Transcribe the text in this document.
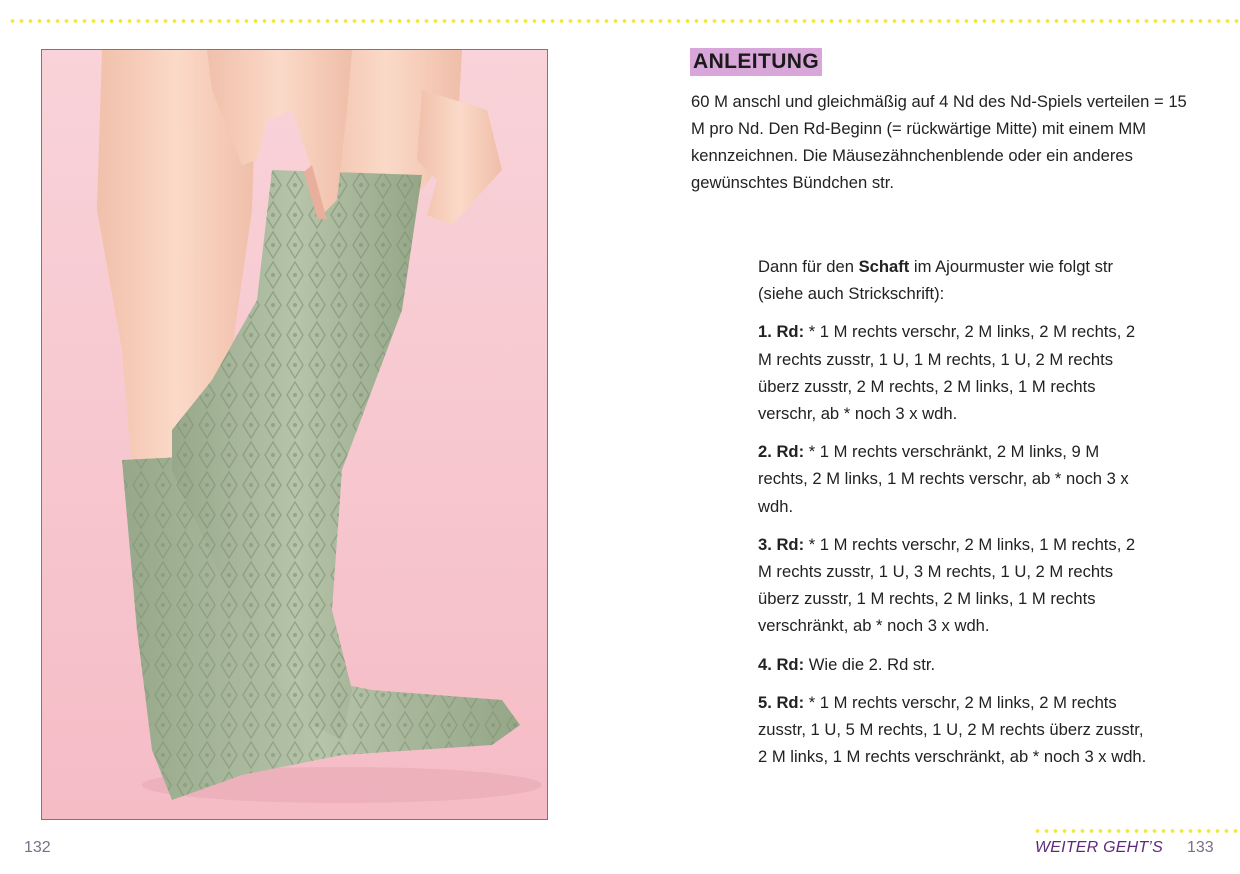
ANLEITUNG
60 M anschl und gleichmäßig auf 4 Nd des Nd-Spiels verteilen = 15 M pro Nd. Den Rd-Beginn (= rückwärtige Mitte) mit einem MM kennzeichnen. Die Mäusezähnchenblende oder ein anderes gewünschtes Bündchen str.

Dann für den Schaft im Ajourmuster wie folgt str (siehe auch Strickschrift):

1. Rd: * 1 M rechts verschr, 2 M links, 2 M rechts, 2 M rechts zusstr, 1 U, 1 M rechts, 1 U, 2 M rechts überz zusstr, 2 M rechts, 2 M links, 1 M rechts verschr, ab * noch 3 x wdh.

2. Rd: * 1 M rechts verschränkt, 2 M links, 9 M rechts, 2 M links, 1 M rechts verschr, ab * noch 3 x wdh.

3. Rd: * 1 M rechts verschr, 2 M links, 1 M rechts, 2 M rechts zusstr, 1 U, 3 M rechts, 1 U, 2 M rechts überz zusstr, 1 M rechts, 2 M links, 1 M rechts verschränkt, ab * noch 3 x wdh.

4. Rd: Wie die 2. Rd str.

5. Rd: * 1 M rechts verschr, 2 M links, 2 M rechts zusstr, 1 U, 5 M rechts, 1 U, 2 M rechts überz zusstr, 2 M links, 1 M rechts verschränkt, ab * noch 3 x wdh.

132	WEITER GEHT’S 133
